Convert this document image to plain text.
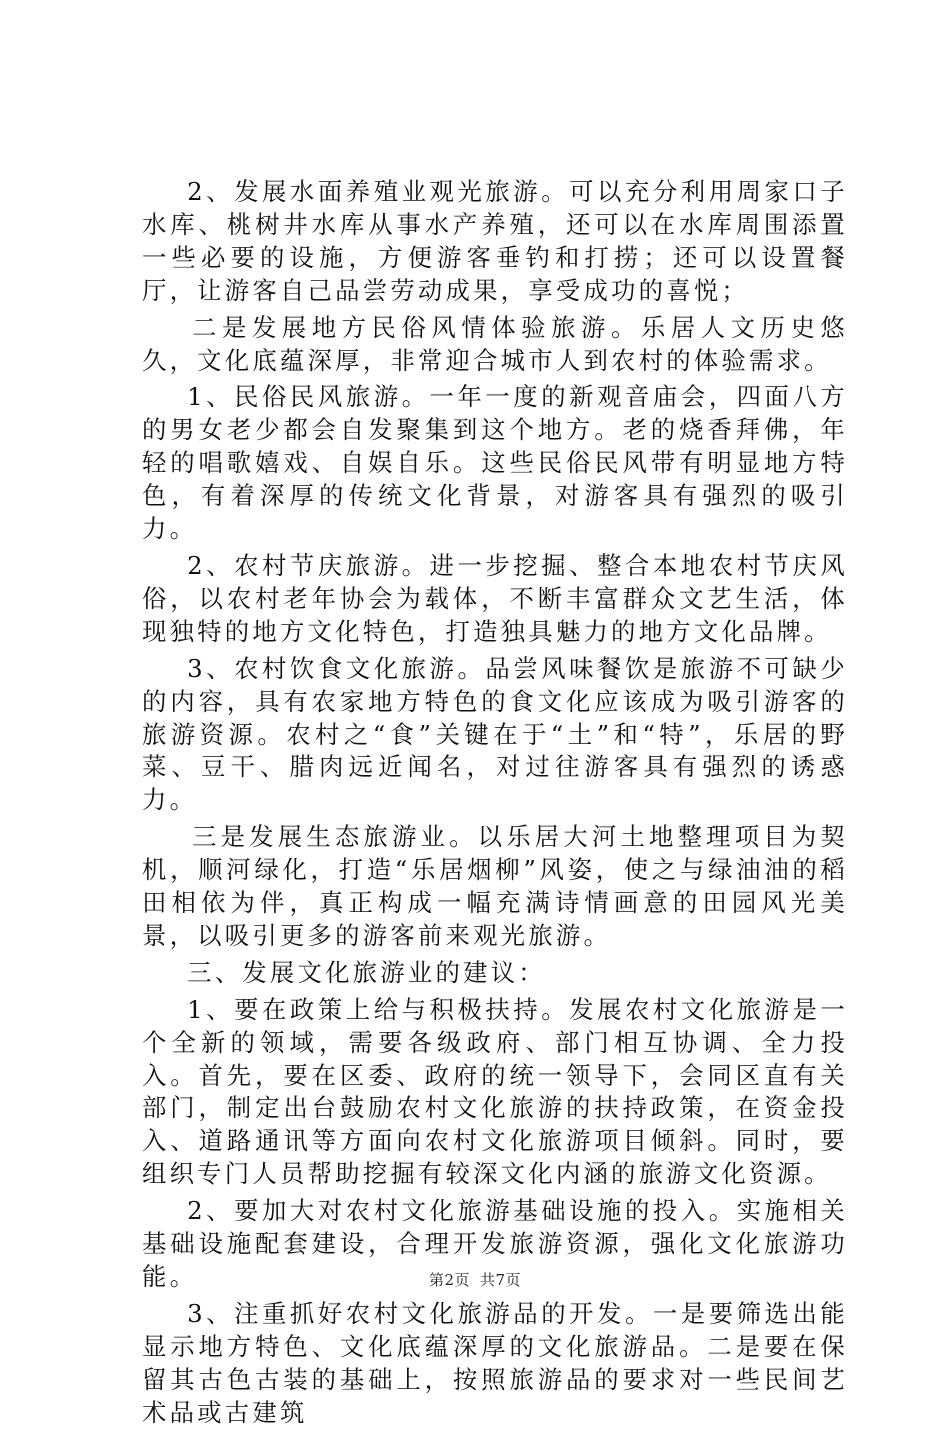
2、发展水面养殖业观光旅游。可以充分利用周家口子水库、桃树井水库从事水产养殖，还可以在水库周围添置一些必要的设施，方便游客垂钓和打捞；还可以设置餐厅，让游客自己品尝劳动成果，享受成功的喜悦；

二是发展地方民俗风情体验旅游。乐居人文历史悠久，文化底蕴深厚，非常迎合城市人到农村的体验需求。

1、民俗民风旅游。一年一度的新观音庙会，四面八方的男女老少都会自发聚集到这个地方。老的烧香拜佛，年轻的唱歌嬉戏、自娱自乐。这些民俗民风带有明显地方特色，有着深厚的传统文化背景，对游客具有强烈的吸引力。

2、农村节庆旅游。进一步挖掘、整合本地农村节庆风俗，以农村老年协会为载体，不断丰富群众文艺生活，体现独特的地方文化特色，打造独具魅力的地方文化品牌。

3、农村饮食文化旅游。品尝风味餐饮是旅游不可缺少的内容，具有农家地方特色的食文化应该成为吸引游客的旅游资源。农村之“食”关键在于“土”和“特”，乐居的野菜、豆干、腊肉远近闻名，对过往游客具有强烈的诱惑力。

三是发展生态旅游业。以乐居大河土地整理项目为契机，顺河绿化，打造“乐居烟柳”风姿，使之与绿油油的稻田相依为伴，真正构成一幅充满诗情画意的田园风光美景，以吸引更多的游客前来观光旅游。

三、发展文化旅游业的建议：

1、要在政策上给与积极扶持。发展农村文化旅游是一个全新的领域，需要各级政府、部门相互协调、全力投入。首先，要在区委、政府的统一领导下，会同区直有关部门，制定出台鼓励农村文化旅游的扶持政策，在资金投入、道路通讯等方面向农村文化旅游项目倾斜。同时，要组织专门人员帮助挖掘有较深文化内涵的旅游文化资源。

2、要加大对农村文化旅游基础设施的投入。实施相关基础设施配套建设，合理开发旅游资源，强化文化旅游功能。

3、注重抓好农村文化旅游品的开发。一是要筛选出能显示地方特色、文化底蕴深厚的文化旅游品。二是要在保留其古色古装的基础上，按照旅游品的要求对一些民间艺术品或古建筑

第2页 共7页
